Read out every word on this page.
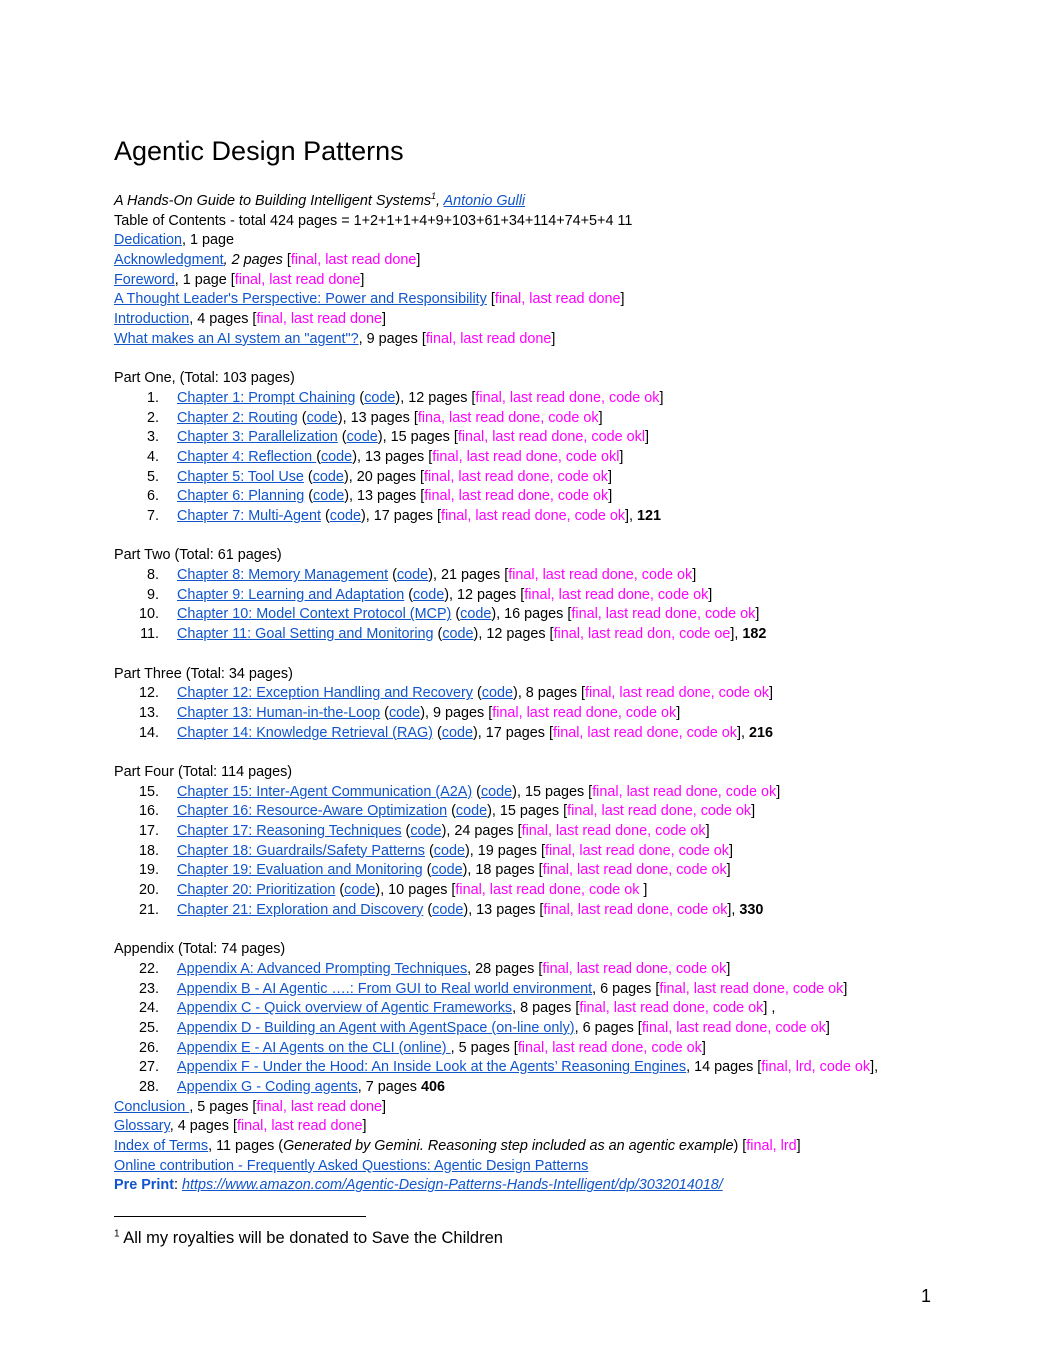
Agentic Design Patterns
A Hands-On Guide to Building Intelligent Systems$^1$, Antonio Gulli
Table of Contents - total 424 pages = 1+2+1+1+4+9+103+61+34+114+74+5+4 11
Dedication, 1 page
Acknowledgment, 2 pages [final, last read done]
Foreword, 1 page [final, last read done]
A Thought Leader's Perspective: Power and Responsibility [final, last read done]
Introduction, 4 pages [final, last read done]
What makes an AI system an "agent"?, 9 pages [final, last read done]
Part One, (Total: 103 pages)
1. Chapter 1: Prompt Chaining (code), 12 pages [final, last read done, code ok]
2. Chapter 2: Routing (code), 13 pages [fina, last read done, code ok]
3. Chapter 3: Parallelization (code), 15 pages [final, last read done, code okl]
4. Chapter 4: Reflection (code), 13 pages [final, last read done, code okl]
5. Chapter 5: Tool Use (code), 20 pages [final, last read done, code ok]
6. Chapter 6: Planning (code), 13 pages [final, last read done, code ok]
7. Chapter 7: Multi-Agent (code), 17 pages [final, last read done, code ok], 121
Part Two (Total: 61 pages)
8. Chapter 8: Memory Management (code), 21 pages [final, last read done, code ok]
9. Chapter 9: Learning and Adaptation (code), 12 pages [final, last read done, code ok]
10. Chapter 10: Model Context Protocol (MCP) (code), 16 pages [final, last read done, code ok]
11. Chapter 11: Goal Setting and Monitoring (code), 12 pages [final, last read don, code oe], 182
Part Three (Total: 34 pages)
12. Chapter 12: Exception Handling and Recovery (code), 8 pages [final, last read done, code ok]
13. Chapter 13: Human-in-the-Loop (code), 9 pages [final, last read done, code ok]
14. Chapter 14: Knowledge Retrieval (RAG) (code), 17 pages [final, last read done, code ok], 216
Part Four (Total: 114 pages)
15. Chapter 15: Inter-Agent Communication (A2A) (code), 15 pages [final, last read done, code ok]
16. Chapter 16: Resource-Aware Optimization (code), 15 pages [final, last read done, code ok]
17. Chapter 17: Reasoning Techniques (code), 24 pages [final, last read done, code ok]
18. Chapter 18: Guardrails/Safety Patterns (code), 19 pages [final, last read done, code ok]
19. Chapter 19: Evaluation and Monitoring (code), 18 pages [final, last read done, code ok]
20. Chapter 20: Prioritization (code), 10 pages [final, last read done, code ok ]
21. Chapter 21: Exploration and Discovery (code), 13 pages [final, last read done, code ok], 330
Appendix (Total: 74 pages)
22. Appendix A: Advanced Prompting Techniques, 28 pages [final, last read done, code ok]
23. Appendix B - AI Agentic ….: From GUI to Real world environment, 6 pages [final, last read done, code ok]
24. Appendix C - Quick overview of Agentic Frameworks, 8 pages [final, last read done, code ok] ,
25. Appendix D - Building an Agent with AgentSpace (on-line only), 6 pages [final, last read done, code ok]
26. Appendix E - AI Agents on the CLI (online) , 5 pages [final, last read done, code ok]
27. Appendix F - Under the Hood: An Inside Look at the Agents’ Reasoning Engines, 14 pages [final, lrd, code ok],
28. Appendix G - Coding agents, 7 pages 406
Conclusion , 5 pages [final, last read done]
Glossary, 4 pages [final, last read done]
Index of Terms, 11 pages (Generated by Gemini. Reasoning step included as an agentic example) [final, lrd]
Online contribution - Frequently Asked Questions: Agentic Design Patterns
Pre Print: https://www.amazon.com/Agentic-Design-Patterns-Hands-Intelligent/dp/3032014018/
$^1$ All my royalties will be donated to Save the Children
1
